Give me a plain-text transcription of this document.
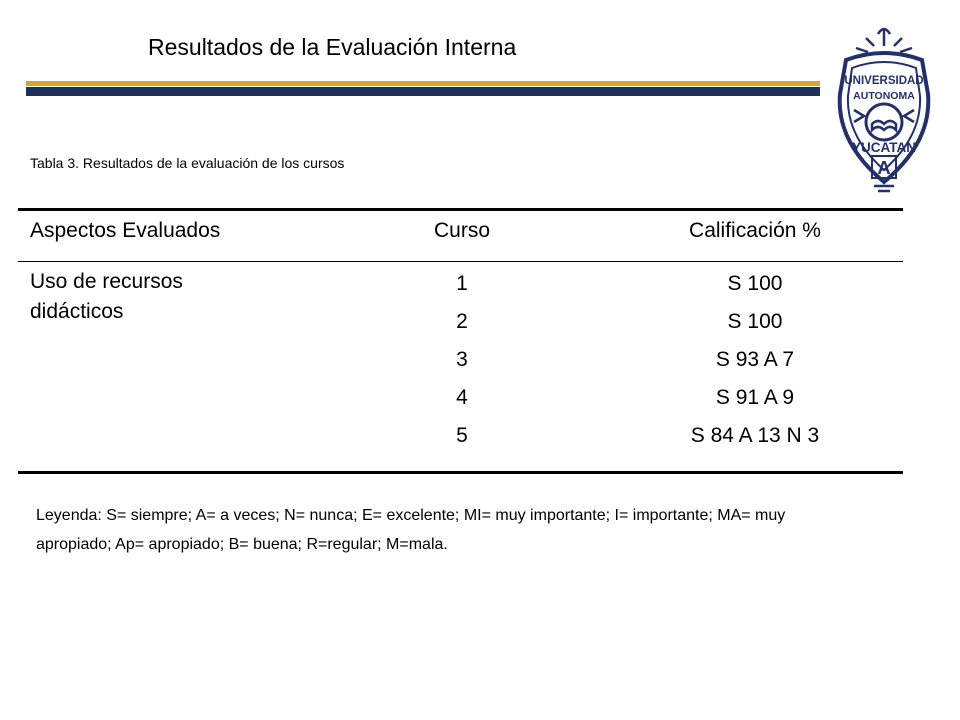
Resultados de la Evaluación Interna
UNIVERSIDAD
AUTONOMA
YUCATAN
A
Tabla 3. Resultados de la evaluación de los cursos
Aspectos Evaluados	Curso	Calificación %
Uso de recursos didácticos
1
2
3
4
5
S 100
S 100
S 93 A 7
S 91 A 9
S 84 A 13 N 3
Leyenda: S= siempre; A= a veces; N= nunca; E= excelente; MI= muy importante; I= importante; MA= muy apropiado; Ap= apropiado; B= buena; R=regular; M=mala.
